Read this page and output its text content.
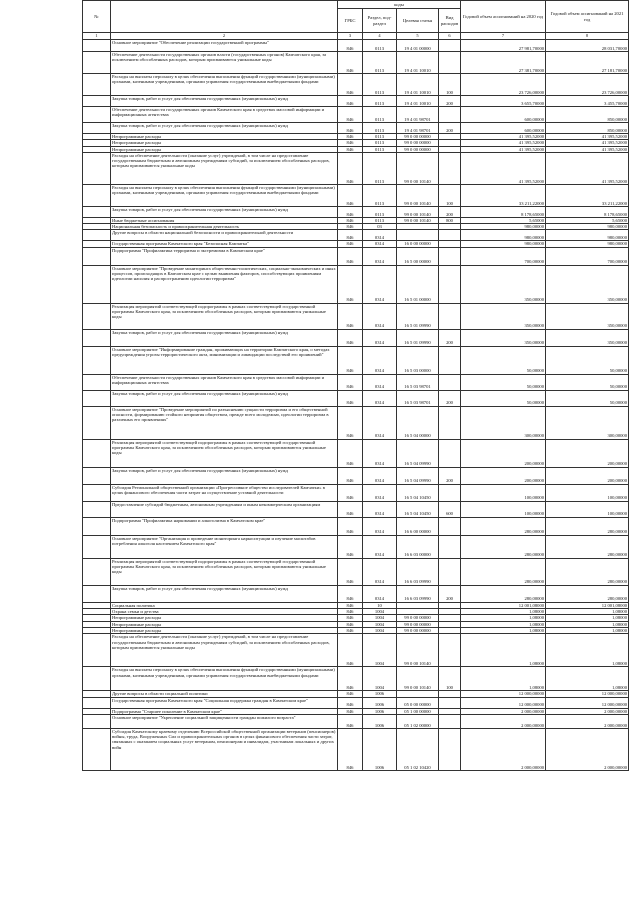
№		коды				Годовой объем ассигнований на 2020 год	Годовой объем ассигнований на 2021 год
		ГРБС	Раздел, под-раздел	Целевая статья	Вид расходов		
1	2	3	4	5	6	7	8
	Основное мероприятие "Обеспечение реализации государственной программы"	846	0113	19 4 01 00000		27 981,70000	28 031,70000
	Обеспечение деятельности государственных органов власти (государственных органов) Камчатского края, за исключением обособленных расходов, которым присваиваются уникальные коды	846	0113	19 4 01 10010		27 381,70000	27 181,70000
	Расходы на выплаты персоналу в целях обеспечения выполнения функций государственными (муниципальными) органами, казенными учреждениями, органами управления государственными внебюджетными фондами	846	0113	19 4 01 10010	100	23 726,00000	23 726,00000
	Закупка товаров, работ и услуг для обеспечения государственных (муниципальных) нужд	846	0113	19 4 01 10010	200	3 655,70000	3 455,70000
	Обеспечение деятельности государственных органов Камчатского края в средствах массовой информации и информационных агентствах	846	0113	19 4 01 98701		600,00000	850,00000
	Закупка товаров, работ и услуг для обеспечения государственных (муниципальных) нужд	846	0113	19 4 01 98701	200	600,00000	850,00000
	Непрограммные расходы	846	0113	99 0 00 00000		41 395,52000	41 395,52000
	Непрограммные расходы	846	0113	99 0 00 00000		41 395,52000	41 395,52000
	Непрограммные расходы	846	0113	99 0 00 00000		41 395,52000	41 395,52000
	Расходы на обеспечение деятельности (оказание услуг) учреждений, в том числе на предоставление государственным бюджетным и автономным учреждениям субсидий, за исключением обособленных расходов, которым присваиваются уникальные коды	846	0113	99 0 00 10140		41 395,52000	41 395,52000
	Расходы на выплаты персоналу в целях обеспечения выполнения функций государственными (муниципальными) органами, казенными учреждениями, органами управления государственными внебюджетными фондами	846	0113	99 0 00 10140	100	33 211,22000	33 211,22000
	Закупка товаров, работ и услуг для обеспечения государственных (муниципальных) нужд	846	0113	99 0 00 10140	200	8 178,65000	8 178,65000
	Иные бюджетные ассигнования	846	0113	99 0 00 10140	800	5,65000	5,65000
	Национальная безопасность и правоохранительная деятельность	846	03			980,00000	980,00000
	Другие вопросы в области национальной безопасности и правоохранительной деятельности	846	0314			980,00000	980,00000
	Государственная программа Камчатского края "Безопасная Камчатка"	846	0314	16 0 00 00000		980,00000	980,00000
	Подпрограмма "Профилактика терроризма и экстремизма в Камчатском крае"	846	0314	16 5 00 00000		700,00000	700,00000
	Основное мероприятие "Проведение мониторинга общественно-политических, социально-экономических и иных процессов, происходящих в Камчатском крае с целью выявления факторов, способствующих проявлениям идеологии насилия и распространению идеологии терроризма"	846	0314	16 5 01 00000		350,00000	350,00000
	Реализация мероприятий соответствующей подпрограммы в рамках соответствующей государственной программы Камчатского края, за исключением обособленных расходов, которым присваиваются уникальные коды	846	0314	16 5 01 09990		350,00000	350,00000
	Закупка товаров, работ и услуг для обеспечения государственных (муниципальных) нужд	846	0314	16 5 01 09990	200	350,00000	350,00000
	Основное мероприятие "Информирование граждан, проживающих на территории Камчатского края, о методах предупреждения угрозы террористического акта, минимизации и ликвидации последствий его проявлений"	846	0314	16 5 03 00000		50,00000	50,00000
	Обеспечение деятельности государственных органов Камчатского края в средствах массовой информации и информационных агентствах	846	0314	16 5 03 98701		50,00000	50,00000
	Закупка товаров, работ и услуг для обеспечения государственных (муниципальных) нужд	846	0314	16 5 03 98701	200	50,00000	50,00000
	Основное мероприятие "Проведение мероприятий по разъяснению сущности терроризма и его общественной опасности, формированию стойкого неприятия обществом, прежде всего молодежью, идеологии терроризма в различных его проявлениях"	846	0314	16 5 04 00000		300,00000	300,00000
	Реализация мероприятий соответствующей подпрограммы в рамках соответствующей государственной программы Камчатского края, за исключением обособленных расходов, которым присваиваются уникальные коды	846	0314	16 5 04 09990		200,00000	200,00000
	Закупка товаров, работ и услуг для обеспечения государственных (муниципальных) нужд	846	0314	16 5 04 09990	200	200,00000	200,00000
	Субсидия Региональной общественной организации «Прогрессивное общество исследователей Камчатки» в целях финансового обеспечения части затрат на осуществление уставной деятельности	846	0314	16 5 04 10450		100,00000	100,00000
	Предоставление субсидий бюджетным, автономным учреждениям и иным некоммерческим организациям	846	0314	16 5 04 10450	600	100,00000	100,00000
	Подпрограмма "Профилактика наркомании и алкоголизма в Камчатском крае"	846	0314	16 6 00 00000		280,00000	280,00000
	Основное мероприятие "Организация и проведение мониторинга наркоситуации и изучение масштабов потребления алкоголя населением Камчатского края"	846	0314	16 6 03 00000		280,00000	280,00000
	Реализация мероприятий соответствующей подпрограммы в рамках соответствующей государственной программы Камчатского края, за исключением обособленных расходов, которым присваиваются уникальные коды	846	0314	16 6 03 09990		280,00000	280,00000
	Закупка товаров, работ и услуг для обеспечения государственных (муниципальных) нужд	846	0314	16 6 03 09990	200	280,00000	280,00000
	Социальная политика	846	10			12 001,08000	12 001,08000
	Охрана семьи и детства	846	1004			1,08000	1,08000
	Непрограммные расходы	846	1004	99 0 00 00000		1,08000	1,08000
	Непрограммные расходы	846	1004	99 0 00 00000		1,08000	1,08000
	Непрограммные расходы	846	1004	99 0 00 00000		1,08000	1,08000
	Расходы на обеспечение деятельности (оказание услуг) учреждений, в том числе на предоставление государственным бюджетным и автономным учреждениям субсидий, за исключением обособленных расходов, которым присваиваются уникальные коды	846	1004	99 0 00 10140		1,08000	1,08000
	Расходы на выплаты персоналу в целях обеспечения выполнения функций государственными (муниципальными) органами, казенными учреждениями, органами управления государственными внебюджетными фондами	846	1004	99 0 00 10140	100	1,08000	1,08000
	Другие вопросы в области социальной политики	846	1006			12 000,00000	12 000,00000
	Государственная программа Камчатского края "Социальная поддержка граждан в Камчатском крае"	846	1006	05 0 00 00000		12 000,00000	12 000,00000
	Подпрограмма "Старшее поколение в Камчатском крае"	846	1006	05 1 00 00000		2 000,00000	2 000,00000
	Основное мероприятие "Укрепление социальной защищенности граждан пожилого возраста"	846	1006	05 1 02 00000		2 000,00000	2 000,00000
	Субсидия Камчатскому краевому отделению Всероссийской общественной организации ветеранов (пенсионеров) войны, труда, Вооруженных Сил и правоохранительных органов в целях финансового обеспечения части затрат, связанных с оказанием социальных услуг ветеранам, пенсионерам и инвалидам, участникам локальных и других войн	846	1006	05 1 02 10420		2 000,00000	2 000,00000
